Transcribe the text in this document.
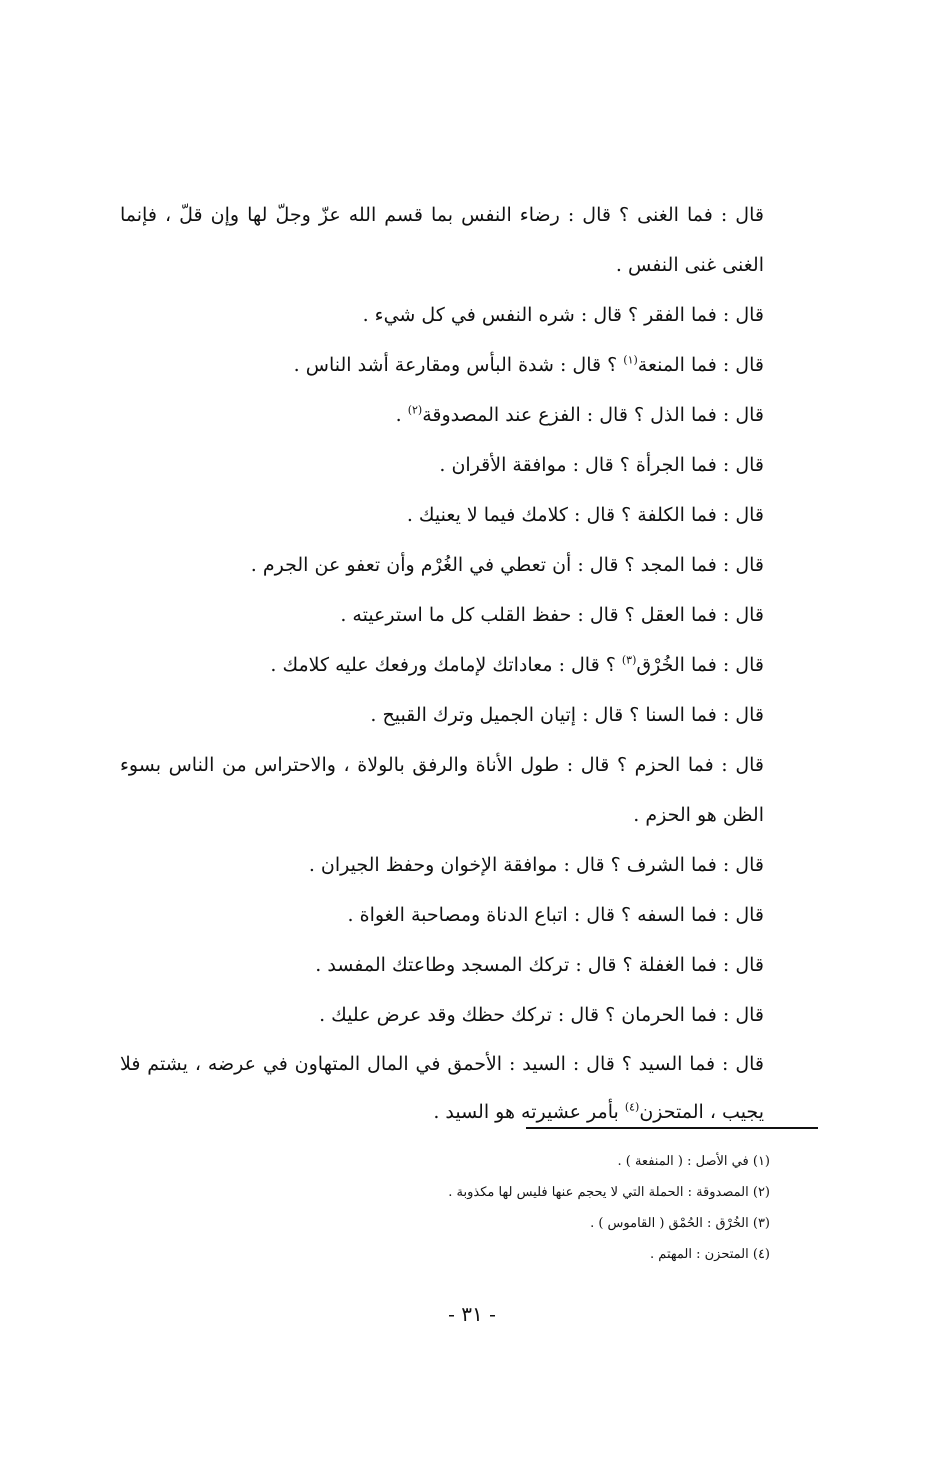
قال : فما الغنى ؟ قال : رضاء النفس بما قسم الله عزّ وجلّ لها وإن قلّ ، فإنما الغنى غنى النفس .

قال : فما الفقر ؟ قال : شره النفس في كل شيء .

قال : فما المنعة$^{(١)}$ ؟ قال : شدة البأس ومقارعة أشد الناس .

قال : فما الذل ؟ قال : الفزع عند المصدوقة$^{(٢)}$ .

قال : فما الجرأة ؟ قال : موافقة الأقران .

قال : فما الكلفة ؟ قال : كلامك فيما لا يعنيك .

قال : فما المجد ؟ قال : أن تعطي في الغُرْم وأن تعفو عن الجرم .

قال : فما العقل ؟ قال : حفظ القلب كل ما استرعيته .

قال : فما الخُرْق$^{(٣)}$ ؟ قال : معاداتك لإمامك ورفعك عليه كلامك .

قال : فما السنا ؟ قال : إتيان الجميل وترك القبيح .

قال : فما الحزم ؟ قال : طول الأناة والرفق بالولاة ، والاحتراس من الناس بسوء الظن هو الحزم .

قال : فما الشرف ؟ قال : موافقة الإخوان وحفظ الجيران .

قال : فما السفه ؟ قال : اتباع الدناة ومصاحبة الغواة .

قال : فما الغفلة ؟ قال : تركك المسجد وطاعتك المفسد .

قال : فما الحرمان ؟ قال : تركك حظك وقد عرض عليك .

قال : فما السيد ؟ قال : السيد : الأحمق في المال المتهاون في عرضه ، يشتم فلا يجيب ، المتحزن$^{(٤)}$ بأمر عشيرته هو السيد .

(١) في الأصل : ( المنفعة ) .

(٢) المصدوقة : الحملة التي لا يحجم عنها فليس لها مكذوبة .

(٣) الخُرْق : الحُمْق ( القاموس ) .

(٤) المتحزن : المهتم .

- ٣١ -
